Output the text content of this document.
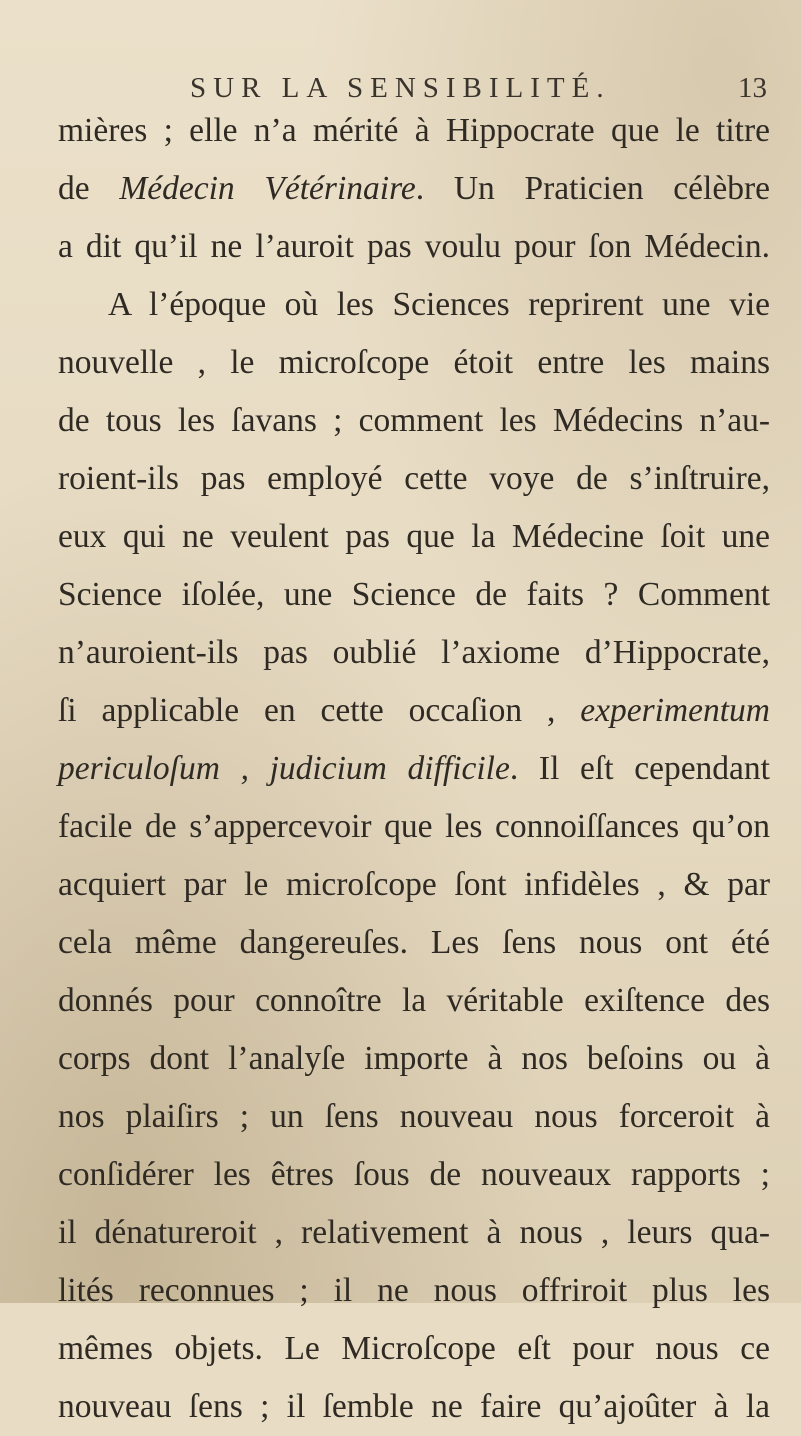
SUR LA SENSIBILITÉ.	13
mières ; elle n’a mérité à Hippocrate que le titre
de Médecin Vétérinaire. Un Praticien célèbre
a dit qu’il ne l’auroit pas voulu pour ſon Médecin.
A l’époque où les Sciences reprirent une vie
nouvelle , le microſcope étoit entre les mains
de tous les ſavans ; comment les Médecins n’au-
roient-ils pas employé cette voye de s’inſtruire,
eux qui ne veulent pas que la Médecine ſoit une
Science iſolée, une Science de faits ? Comment
n’auroient-ils pas oublié l’axiome d’Hippocrate,
ſi applicable en cette occaſion , experimentum
periculoſum , judicium difficile. Il eſt cependant
facile de s’appercevoir que les connoiſſances qu’on
acquiert par le microſcope ſont infidèles , & par
cela même dangereuſes. Les ſens nous ont été
donnés pour connoître la véritable exiſtence des
corps dont l’analyſe importe à nos beſoins ou à
nos plaiſirs ; un ſens nouveau nous forceroit à
conſidérer les êtres ſous de nouveaux rapports ;
il dénatureroit , relativement à nous , leurs qua-
lités reconnues ; il ne nous offriroit plus les
mêmes objets. Le Microſcope eſt pour nous ce
nouveau ſens ; il ſemble ne faire qu’ajoûter à la
